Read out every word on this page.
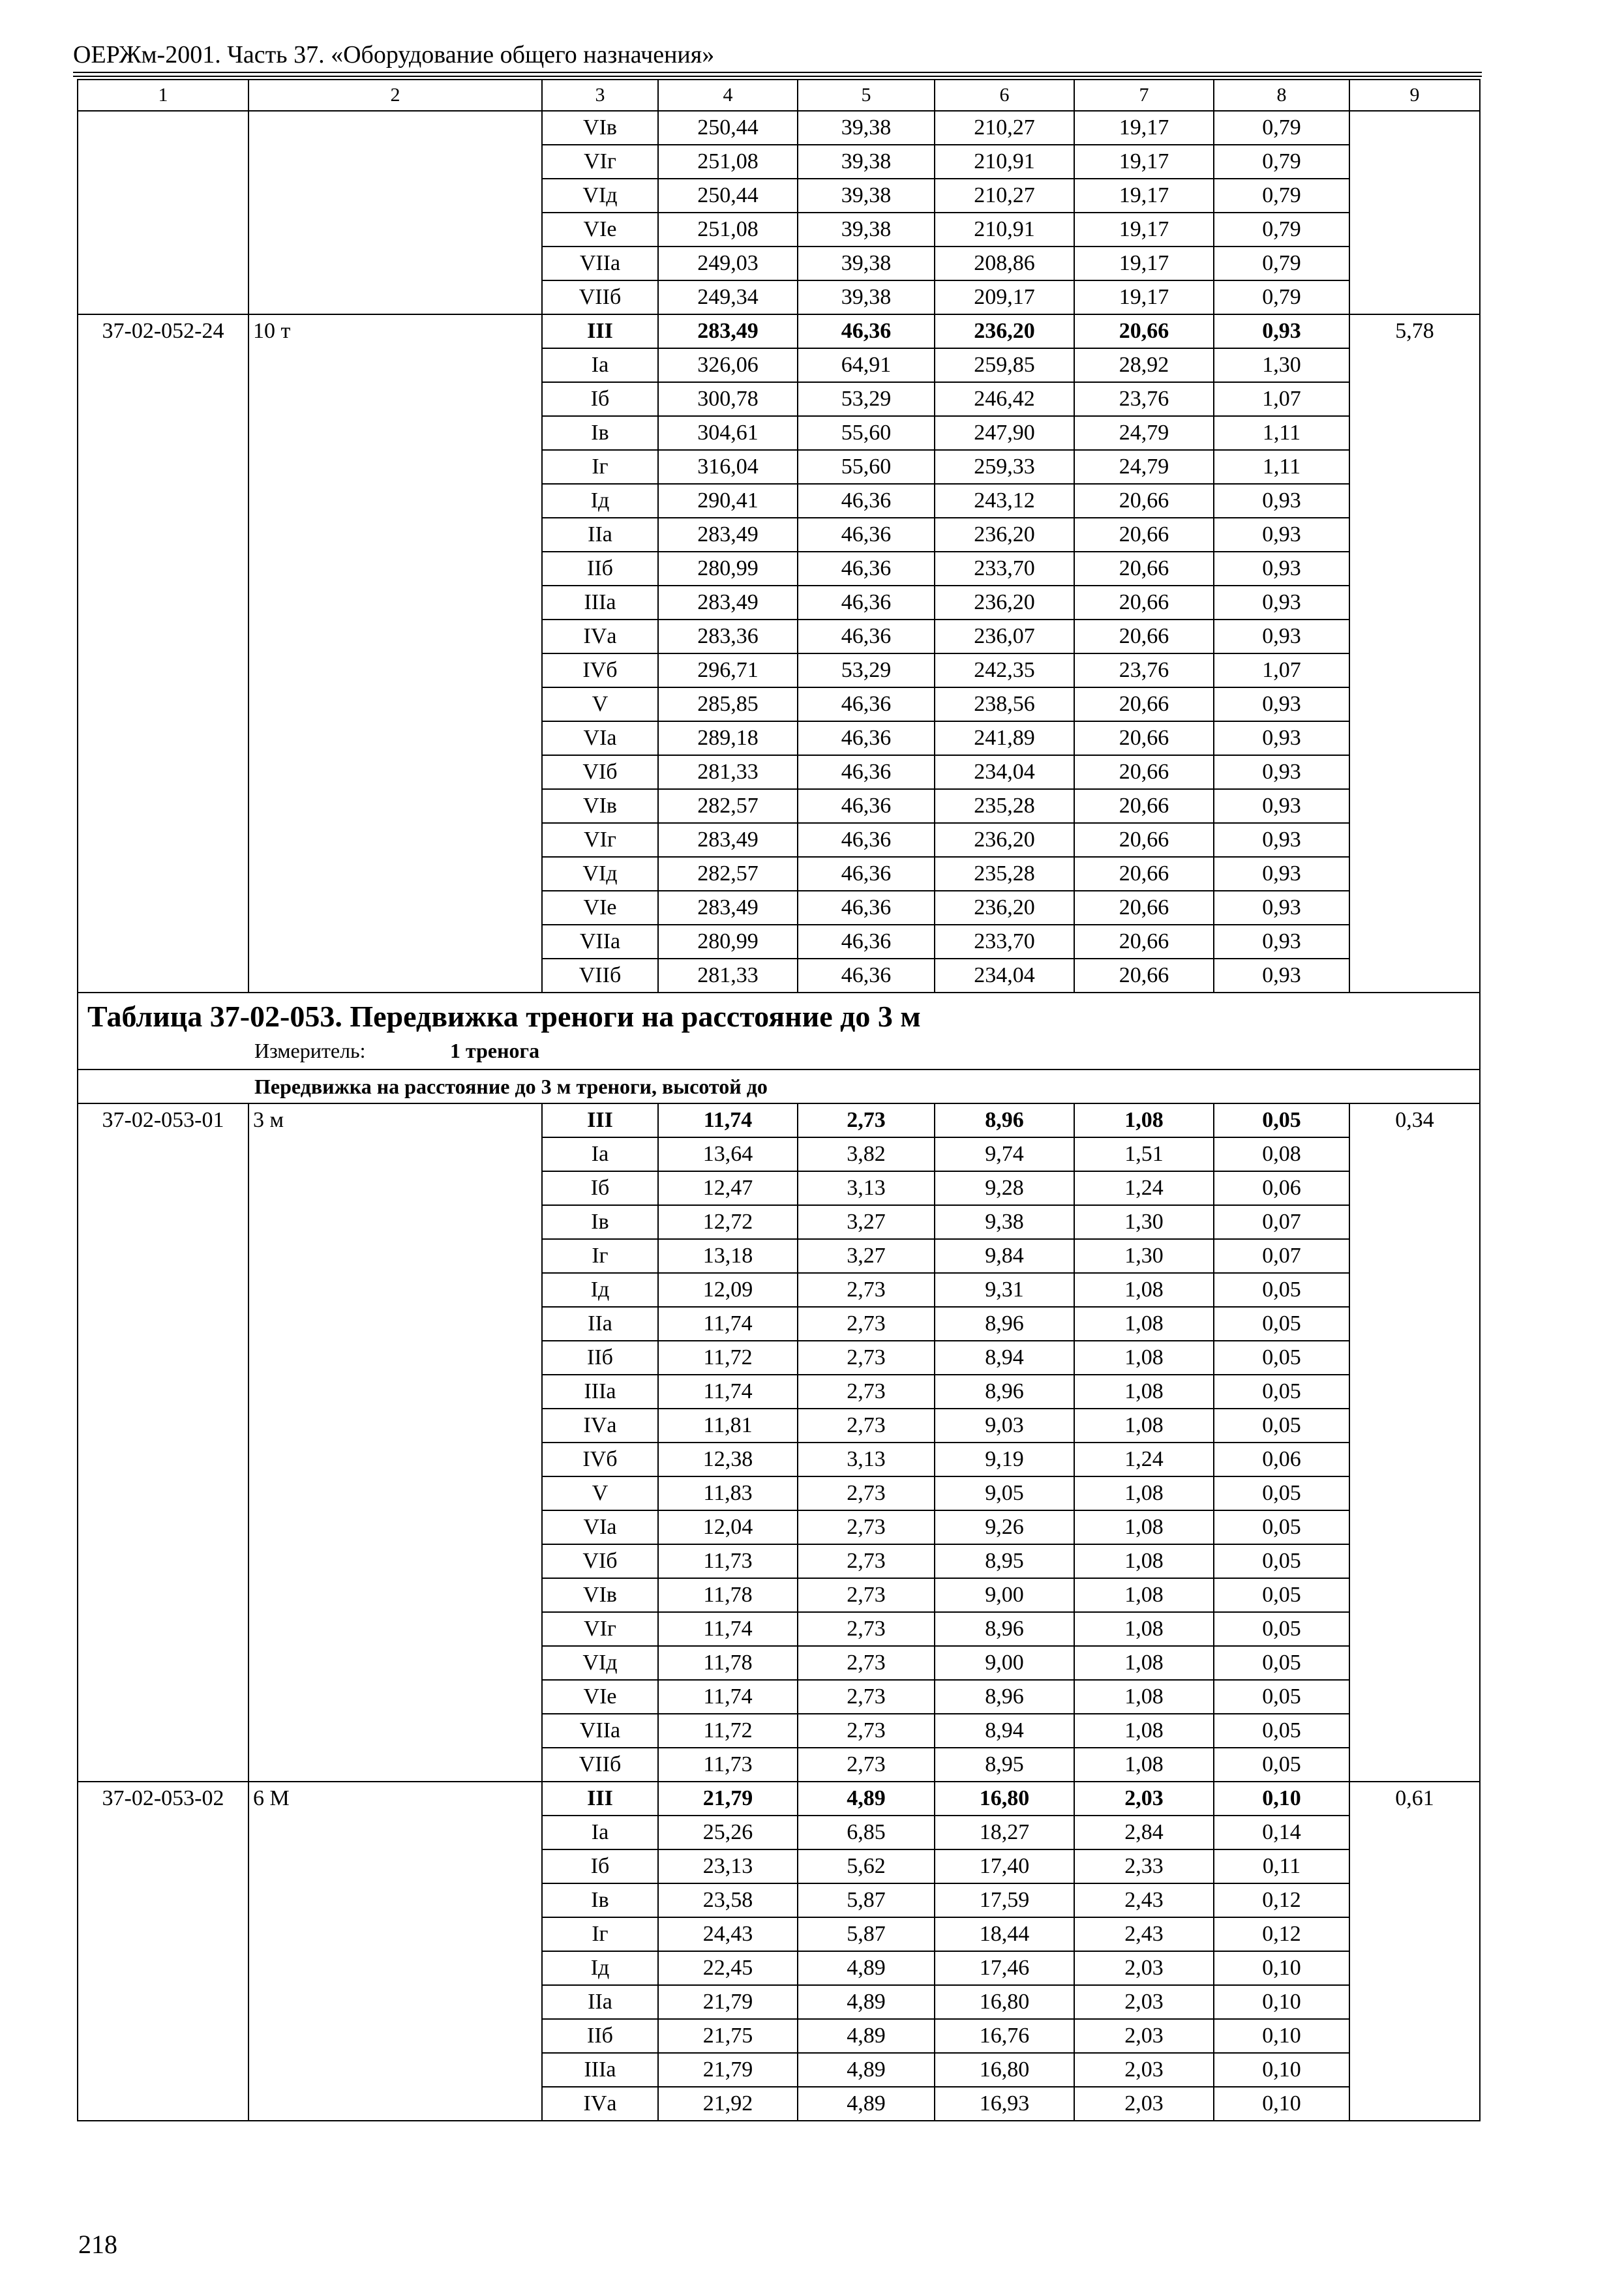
ОЕРЖм-2001. Часть 37. «Оборудование общего назначения»
1	2	3	4	5	6	7	8	9
		VIв	250,44	39,38	210,27	19,17	0,79	
		VIг	251,08	39,38	210,91	19,17	0,79	
		VIд	250,44	39,38	210,27	19,17	0,79	
		VIе	251,08	39,38	210,91	19,17	0,79	
		VIIа	249,03	39,38	208,86	19,17	0,79	
		VIIб	249,34	39,38	209,17	19,17	0,79	
37-02-052-24	10 т	III	283,49	46,36	236,20	20,66	0,93	5,78
		Iа	326,06	64,91	259,85	28,92	1,30	
		Iб	300,78	53,29	246,42	23,76	1,07	
		Iв	304,61	55,60	247,90	24,79	1,11	
		Iг	316,04	55,60	259,33	24,79	1,11	
		Iд	290,41	46,36	243,12	20,66	0,93	
		IIа	283,49	46,36	236,20	20,66	0,93	
		IIб	280,99	46,36	233,70	20,66	0,93	
		IIIа	283,49	46,36	236,20	20,66	0,93	
		IVа	283,36	46,36	236,07	20,66	0,93	
		IVб	296,71	53,29	242,35	23,76	1,07	
		V	285,85	46,36	238,56	20,66	0,93	
		VIа	289,18	46,36	241,89	20,66	0,93	
		VIб	281,33	46,36	234,04	20,66	0,93	
		VIв	282,57	46,36	235,28	20,66	0,93	
		VIг	283,49	46,36	236,20	20,66	0,93	
		VIд	282,57	46,36	235,28	20,66	0,93	
		VIе	283,49	46,36	236,20	20,66	0,93	
		VIIа	280,99	46,36	233,70	20,66	0,93	
		VIIб	281,33	46,36	234,04	20,66	0,93	

Таблица 37-02-053. Передвижка треноги на расстояние до 3 м
Измеритель: 1 тренога								

Передвижка на расстояние до 3 м треноги, высотой до								
37-02-053-01	3 м	III	11,74	2,73	8,96	1,08	0,05	0,34
		Iа	13,64	3,82	9,74	1,51	0,08	
		Iб	12,47	3,13	9,28	1,24	0,06	
		Iв	12,72	3,27	9,38	1,30	0,07	
		Iг	13,18	3,27	9,84	1,30	0,07	
		Iд	12,09	2,73	9,31	1,08	0,05	
		IIа	11,74	2,73	8,96	1,08	0,05	
		IIб	11,72	2,73	8,94	1,08	0,05	
		IIIа	11,74	2,73	8,96	1,08	0,05	
		IVа	11,81	2,73	9,03	1,08	0,05	
		IVб	12,38	3,13	9,19	1,24	0,06	
		V	11,83	2,73	9,05	1,08	0,05	
		VIа	12,04	2,73	9,26	1,08	0,05	
		VIб	11,73	2,73	8,95	1,08	0,05	
		VIв	11,78	2,73	9,00	1,08	0,05	
		VIг	11,74	2,73	8,96	1,08	0,05	
		VIд	11,78	2,73	9,00	1,08	0,05	
		VIе	11,74	2,73	8,96	1,08	0,05	
		VIIа	11,72	2,73	8,94	1,08	0,05	
		VIIб	11,73	2,73	8,95	1,08	0,05	
37-02-053-02	6 М	III	21,79	4,89	16,80	2,03	0,10	0,61
		Iа	25,26	6,85	18,27	2,84	0,14	
		Iб	23,13	5,62	17,40	2,33	0,11	
		Iв	23,58	5,87	17,59	2,43	0,12	
		Iг	24,43	5,87	18,44	2,43	0,12	
		Iд	22,45	4,89	17,46	2,03	0,10	
		IIа	21,79	4,89	16,80	2,03	0,10	
		IIб	21,75	4,89	16,76	2,03	0,10	
		IIIа	21,79	4,89	16,80	2,03	0,10	
		IVа	21,92	4,89	16,93	2,03	0,10	
218
